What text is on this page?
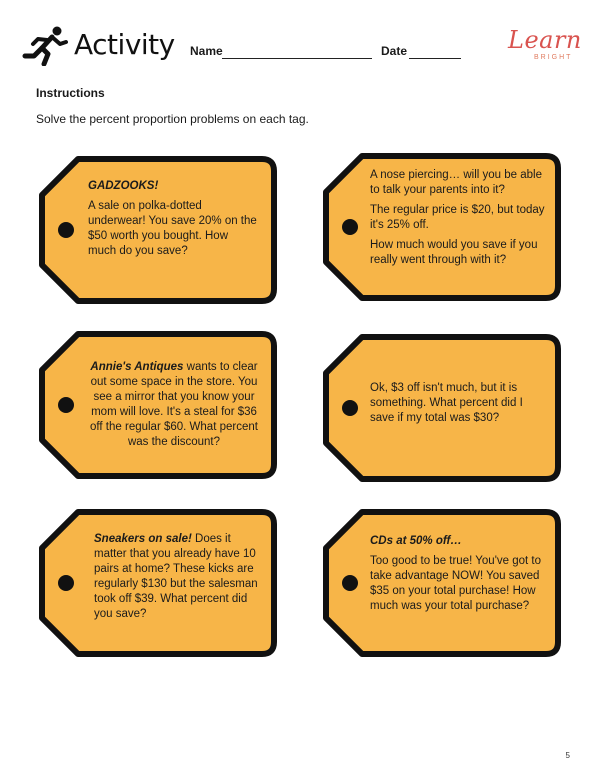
Activity Name	Date	Learn
BRIGHT
Instructions
Solve the percent proportion problems on each tag.

GADZOOKS!

A sale on polka-dotted underwear! You save 20% on the $50 worth you bought. How much do you save?

A nose piercing… will you be able to talk your parents into it?

The regular price is $20, but today it's 25% off.

How much would you save if you really went through with it?

Annie's Antiques wants to clear out some space in the store. You see a mirror that you know your mom will love. It's a steal for $36 off the regular $60. What percent was the discount?

Ok, $3 off isn't much, but it is something. What percent did I save if my total was $30?

Sneakers on sale! Does it matter that you already have 10 pairs at home? These kicks are regularly $130 but the salesman took off $39. What percent did you save?

CDs at 50% off…

Too good to be true! You've got to take advantage NOW! You saved $35 on your total purchase! How much was your total purchase?

5
